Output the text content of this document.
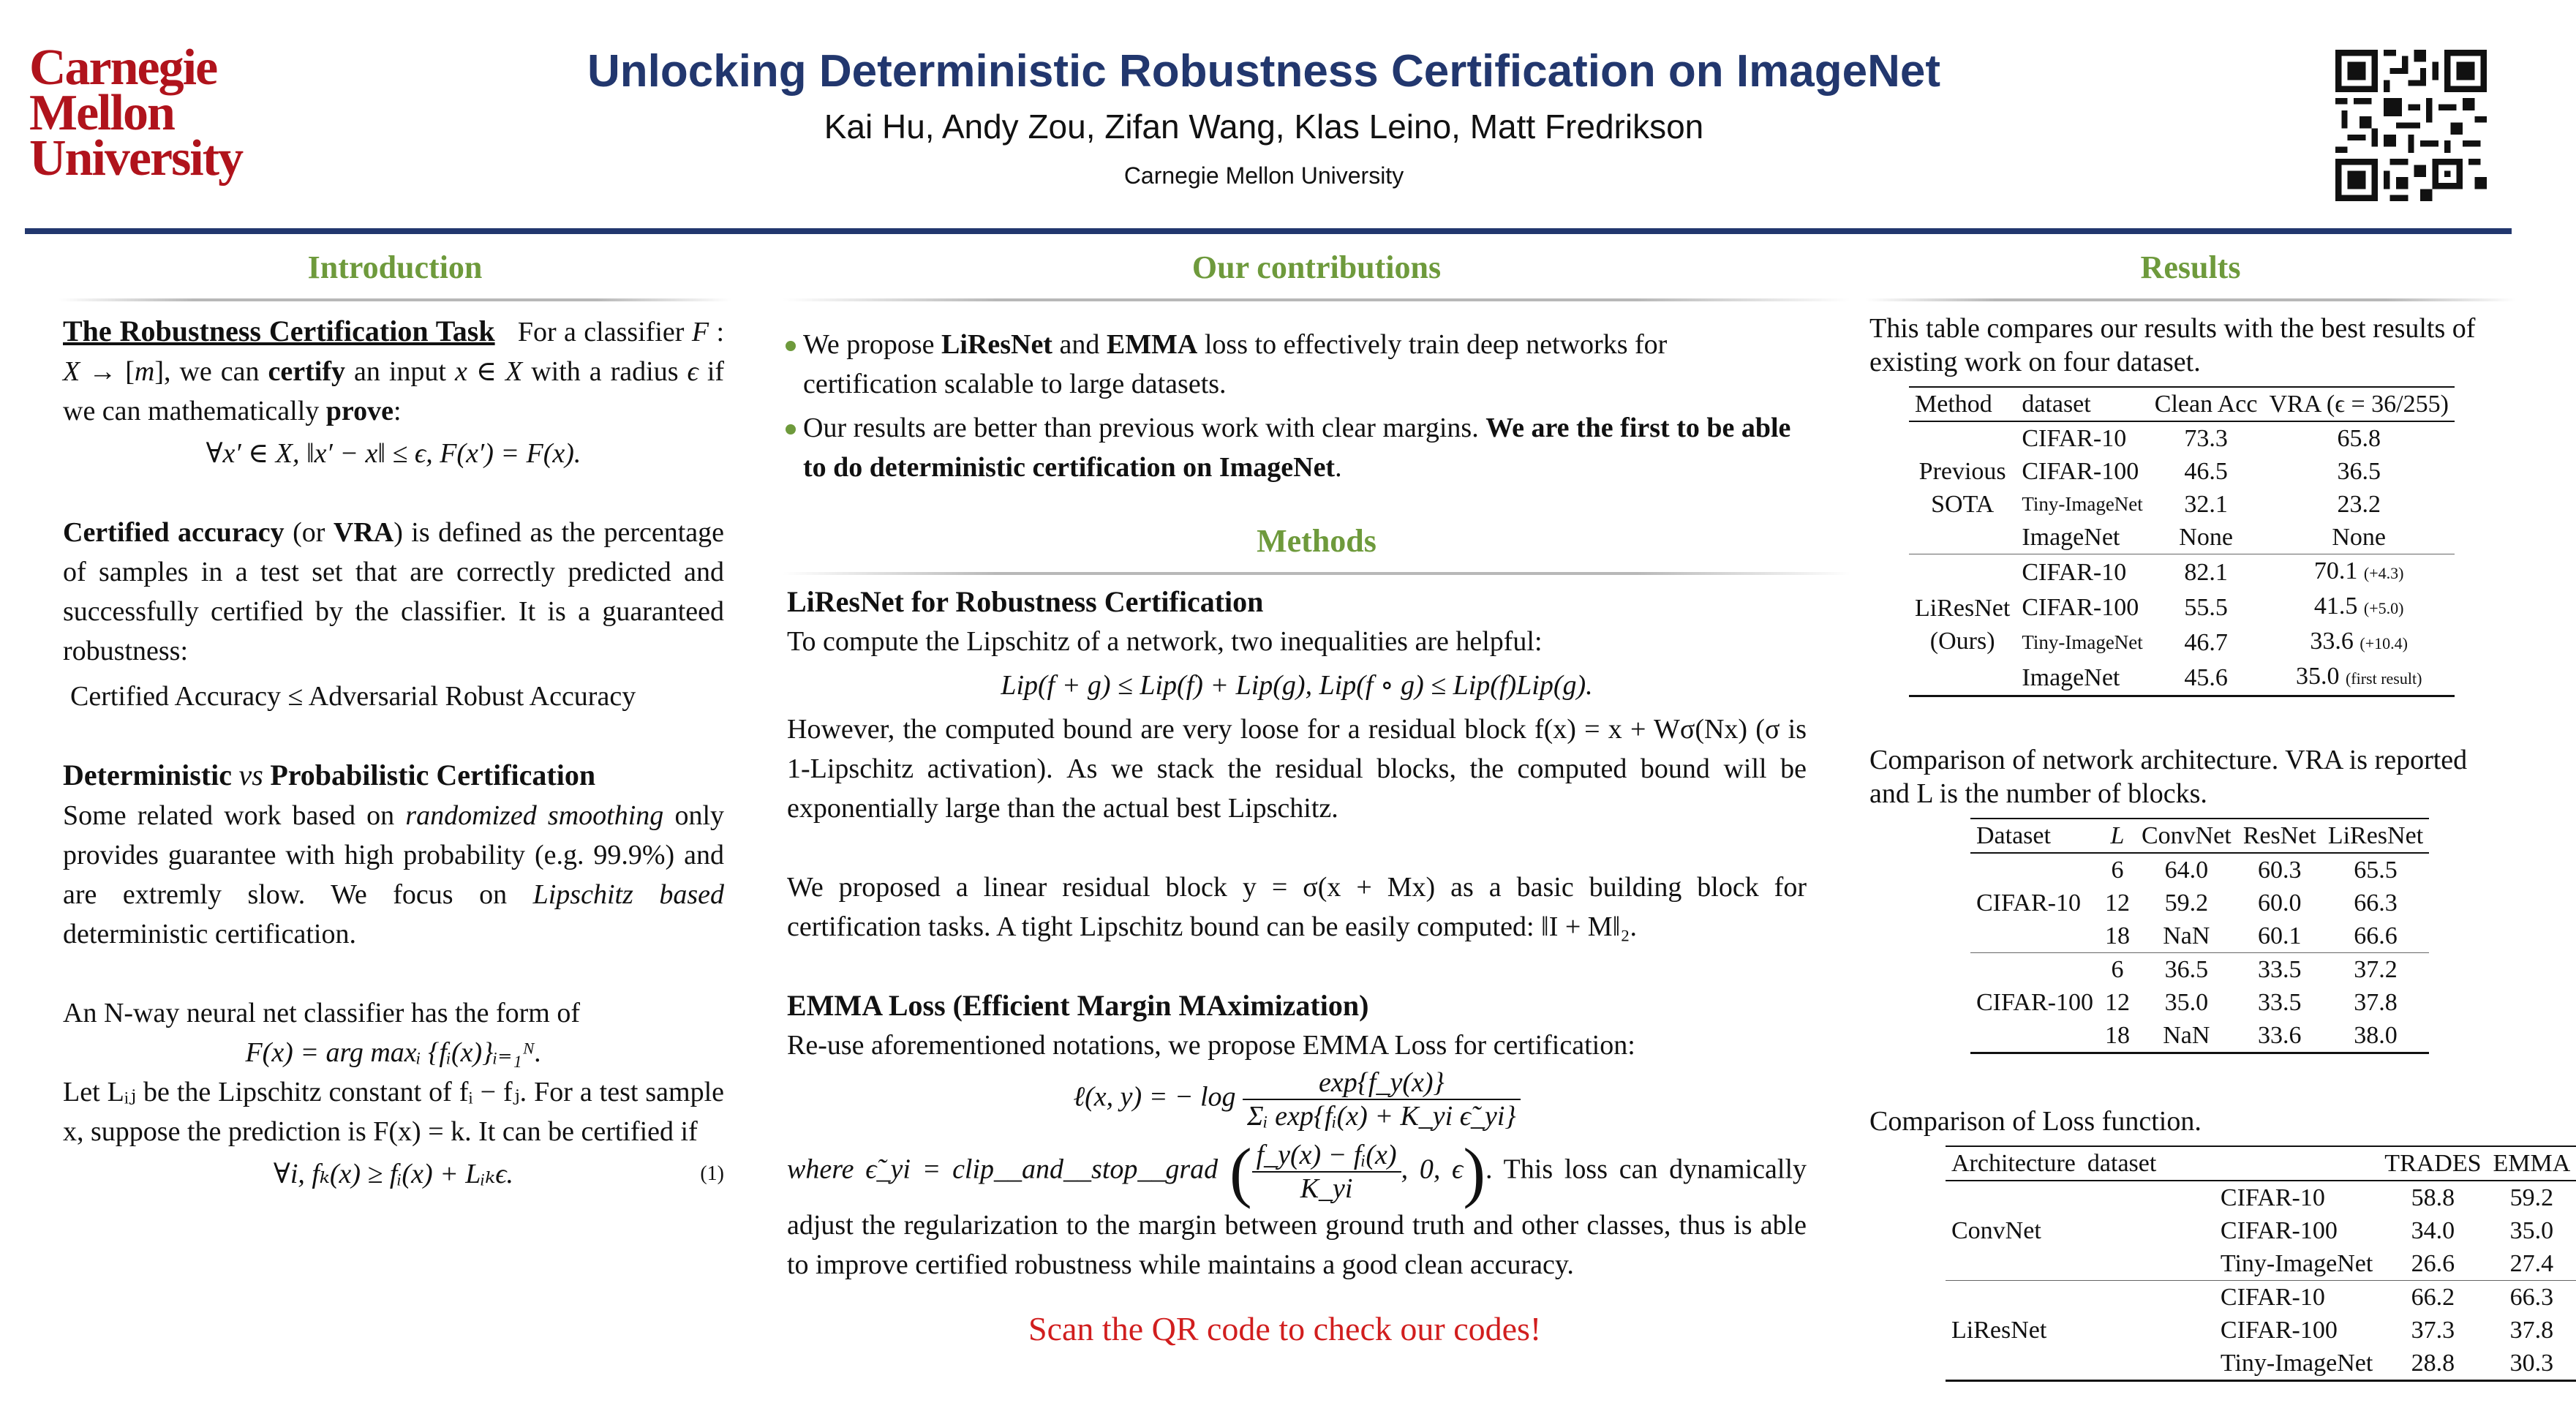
Carnegie
Mellon
University
Unlocking Deterministic Robustness Certification on ImageNet
Kai Hu, Andy Zou, Zifan Wang, Klas Leino, Matt Fredrikson
Carnegie Mellon University
Introduction	Our contributions
Methods
Results

The Robustness Certification Task For a classifier F : X → [m], we can certify an input x ∈ X with a radius ϵ if we can mathematically prove:

∀x′ ∈ X, ‖x′ − x‖ ≤ ϵ, F(x′) = F(x).

Certified accuracy (or VRA) is defined as the percentage of samples in a test set that are correctly predicted and successfully certified by the classifier. It is a guaranteed robustness:

Certified Accuracy ≤ Adversarial Robust Accuracy

Deterministic vs Probabilistic Certification
Some related work based on randomized smoothing only provides guarantee with high probability (e.g. 99.9%) and are extremly slow. We focus on Lipschitz based deterministic certification.

An N-way neural net classifier has the form of

F(x) = arg maxᵢ {fᵢ(x)}ᵢ₌₁ᴺ.

Let Lᵢⱼ be the Lipschitz constant of fᵢ − fⱼ. For a test sample x, suppose the prediction is F(x) = k. It can be certified if

∀i, fₖ(x) ≥ fᵢ(x) + Lᵢₖϵ.	(1)

We propose LiResNet and EMMA loss to effectively train deep networks for certification scalable to large datasets.

Our results are better than previous work with clear margins. We are the first to be able to do deterministic certification on ImageNet.

LiResNet for Robustness Certification

To compute the Lipschitz of a network, two inequalities are helpful:

Lip(f + g) ≤ Lip(f) + Lip(g), Lip(f ∘ g) ≤ Lip(f)Lip(g).

However, the computed bound are very loose for a residual block f(x) = x + Wσ(Nx) (σ is 1-Lipschitz activation). As we stack the residual blocks, the computed bound will be exponentially large than the actual best Lipschitz.

We proposed a linear residual block y = σ(x + Mx) as a basic building block for certification tasks. A tight Lipschitz bound can be easily computed: ‖I + M‖₂.

EMMA Loss (Efficient Margin MAximization)

Re-use aforementioned notations, we propose EMMA Loss for certification:

ℓ(x, y) = − $\log \frac{\exp\{f\_y(x)\}}{\text{Σᵢ exp\{fᵢ(x) + K\_yi ϵ̃\_yi\}}}$

where ϵ̃_yi = clip__and__stop__grad ( $\frac{\text{f\_y(x) − fᵢ(x)}}{K\_yi}$ , 0, ϵ). This loss can dynamically adjust the regularization to the margin between ground truth and other classes, thus is able to improve certified robustness while maintains a good clean accuracy.

Scan the QR code to check our codes!
This table compares our results with the best results of existing work on four dataset.
Method	dataset	Clean Acc	VRA (ϵ = 36/255)
Previous
SOTA	CIFAR-10	73.3	65.8
	CIFAR-100	46.5	36.5
	Tiny-ImageNet	32.1	23.2
	ImageNet	None	None
LiResNet
(Ours)	CIFAR-10	82.1	70.1 (+4.3)
	CIFAR-100	55.5	41.5 (+5.0)
	Tiny-ImageNet	46.7	33.6 (+10.4)
	ImageNet	45.6	35.0 (first result)
Comparison of network architecture. VRA is reported and L is the number of blocks.
Dataset	L	ConvNet	ResNet	LiResNet
CIFAR-10	6	64.0	60.3	65.5
	12	59.2	60.0	66.3
	18	NaN	60.1	66.6
CIFAR-100	6	36.5	33.5	37.2
	12	35.0	33.5	37.8
	18	NaN	33.6	38.0
Comparison of Loss function.
Architecture	dataset	TRADES	EMMA
ConvNet	CIFAR-10	58.8	59.2
	CIFAR-100	34.0	35.0
	Tiny-ImageNet	26.6	27.4
LiResNet	CIFAR-10	66.2	66.3
	CIFAR-100	37.3	37.8
	Tiny-ImageNet	28.8	30.3
